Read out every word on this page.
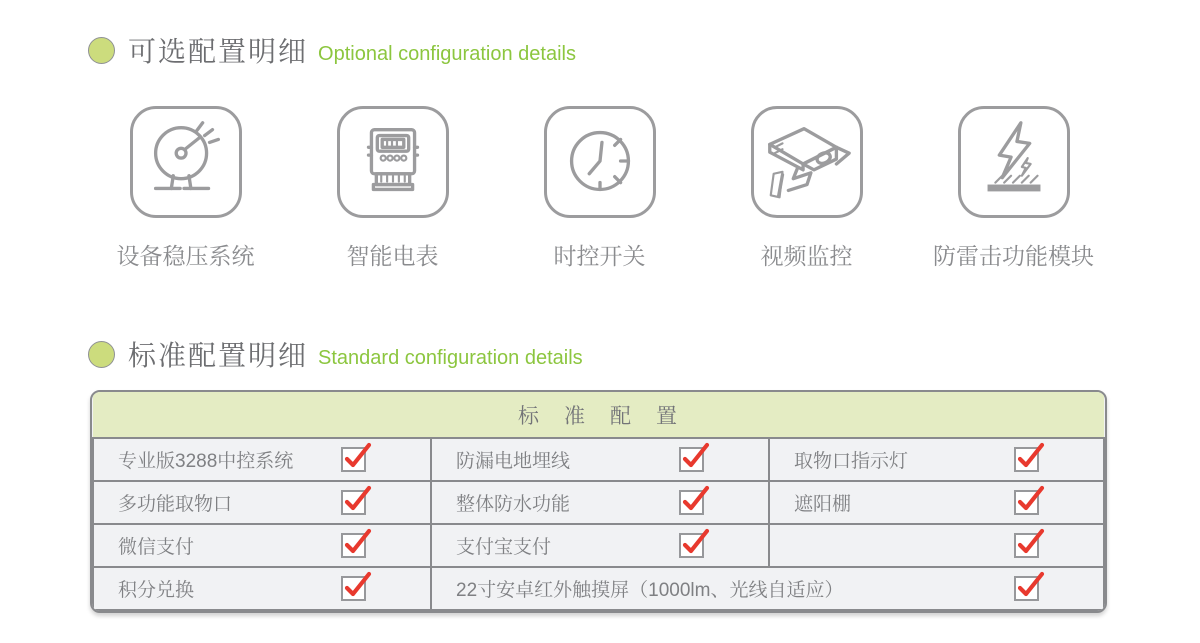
可选配置明细 Optional configuration details
设备稳压系统	智能电表	时控开关	视频监控	防雷击功能模块
标准配置明细 Standard configuration details
标　准　配　置		

专业版3288中控系统	防漏电地埋线	取物口指示灯

多功能取物口	整体防水功能	遮阳棚

微信支付	支付宝支付

积分兑换	22寸安卓红外触摸屏（1000lm、光线自适应）	
